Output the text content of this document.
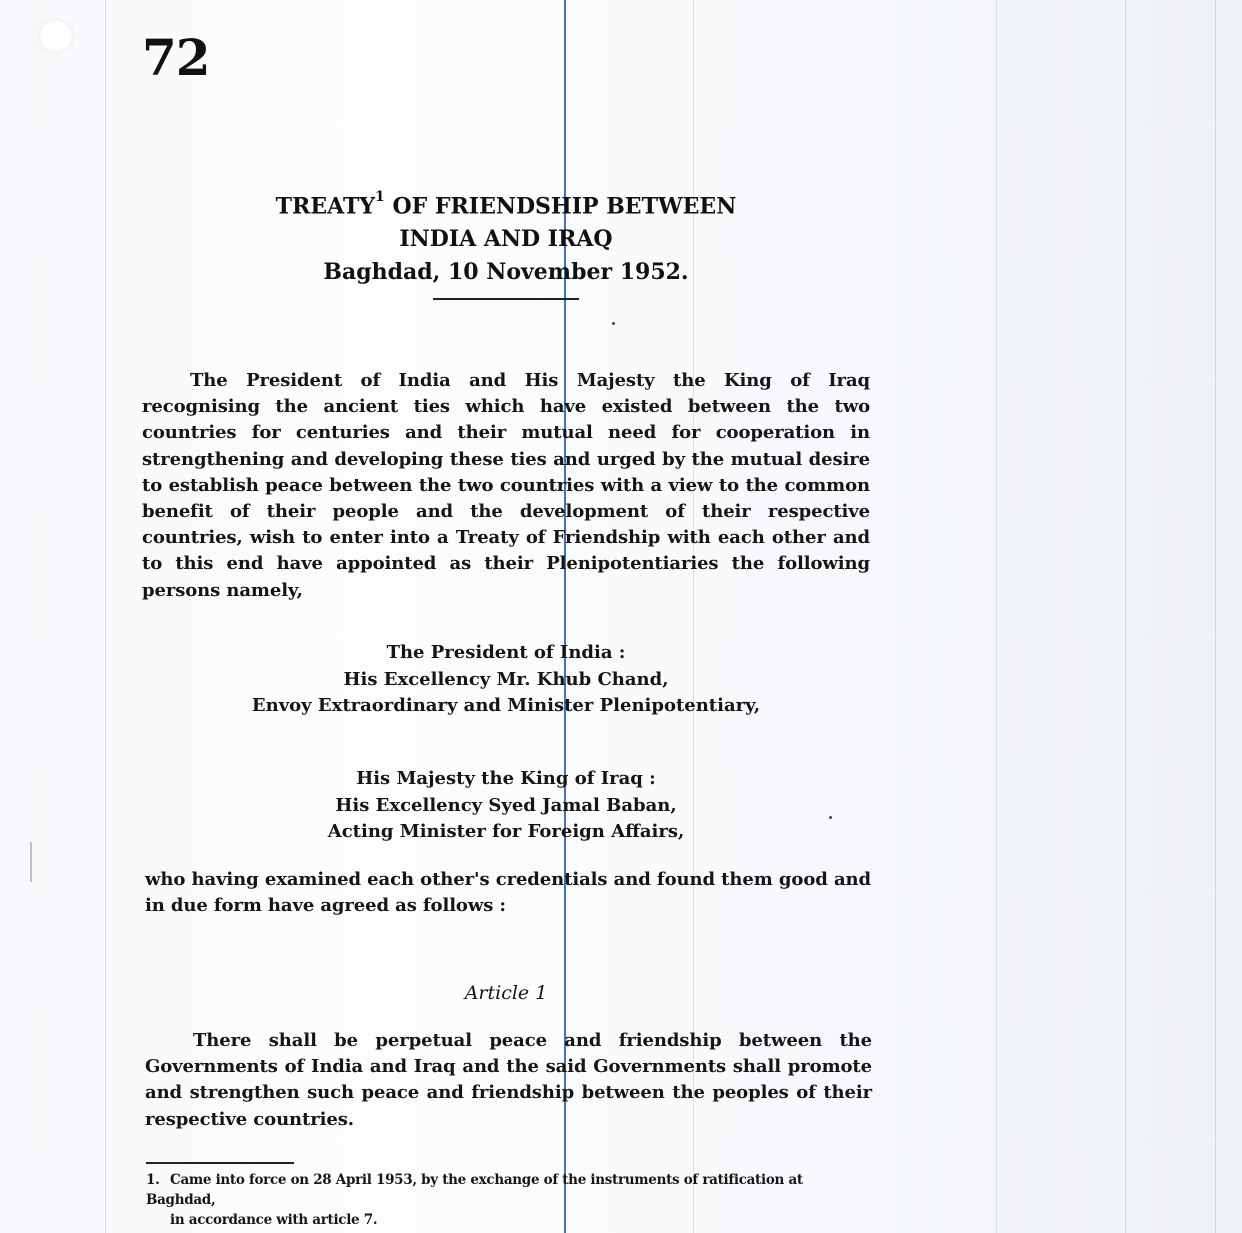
72
TREATY$^1$ OF FRIENDSHIP BETWEEN
INDIA AND IRAQ
Baghdad, 10 November 1952.
The President of India and His Majesty the King of Iraq recognising the ancient ties which have existed between the two countries for centuries and their mutual need for cooperation in strengthening and developing these ties and urged by the mutual desire to establish peace between the two countries with a view to the common benefit of their people and the development of their respective countries, wish to enter into a Treaty of Friendship with each other and to this end have appointed as their Plenipotentiaries the following persons namely,
The President of India :
His Excellency Mr. Khub Chand,
Envoy Extraordinary and Minister Plenipotentiary,
His Majesty the King of Iraq :
His Excellency Syed Jamal Baban,
Acting Minister for Foreign Affairs,
who having examined each other's credentials and found them good and in due form have agreed as follows :
Article 1
There shall be perpetual peace and friendship between the Governments of India and Iraq and the said Governments shall promote and strengthen such peace and friendship between the peoples of their respective countries.
1. Came into force on 28 April 1953, by the exchange of the instruments of ratification at Baghdad,
in accordance with article 7.
